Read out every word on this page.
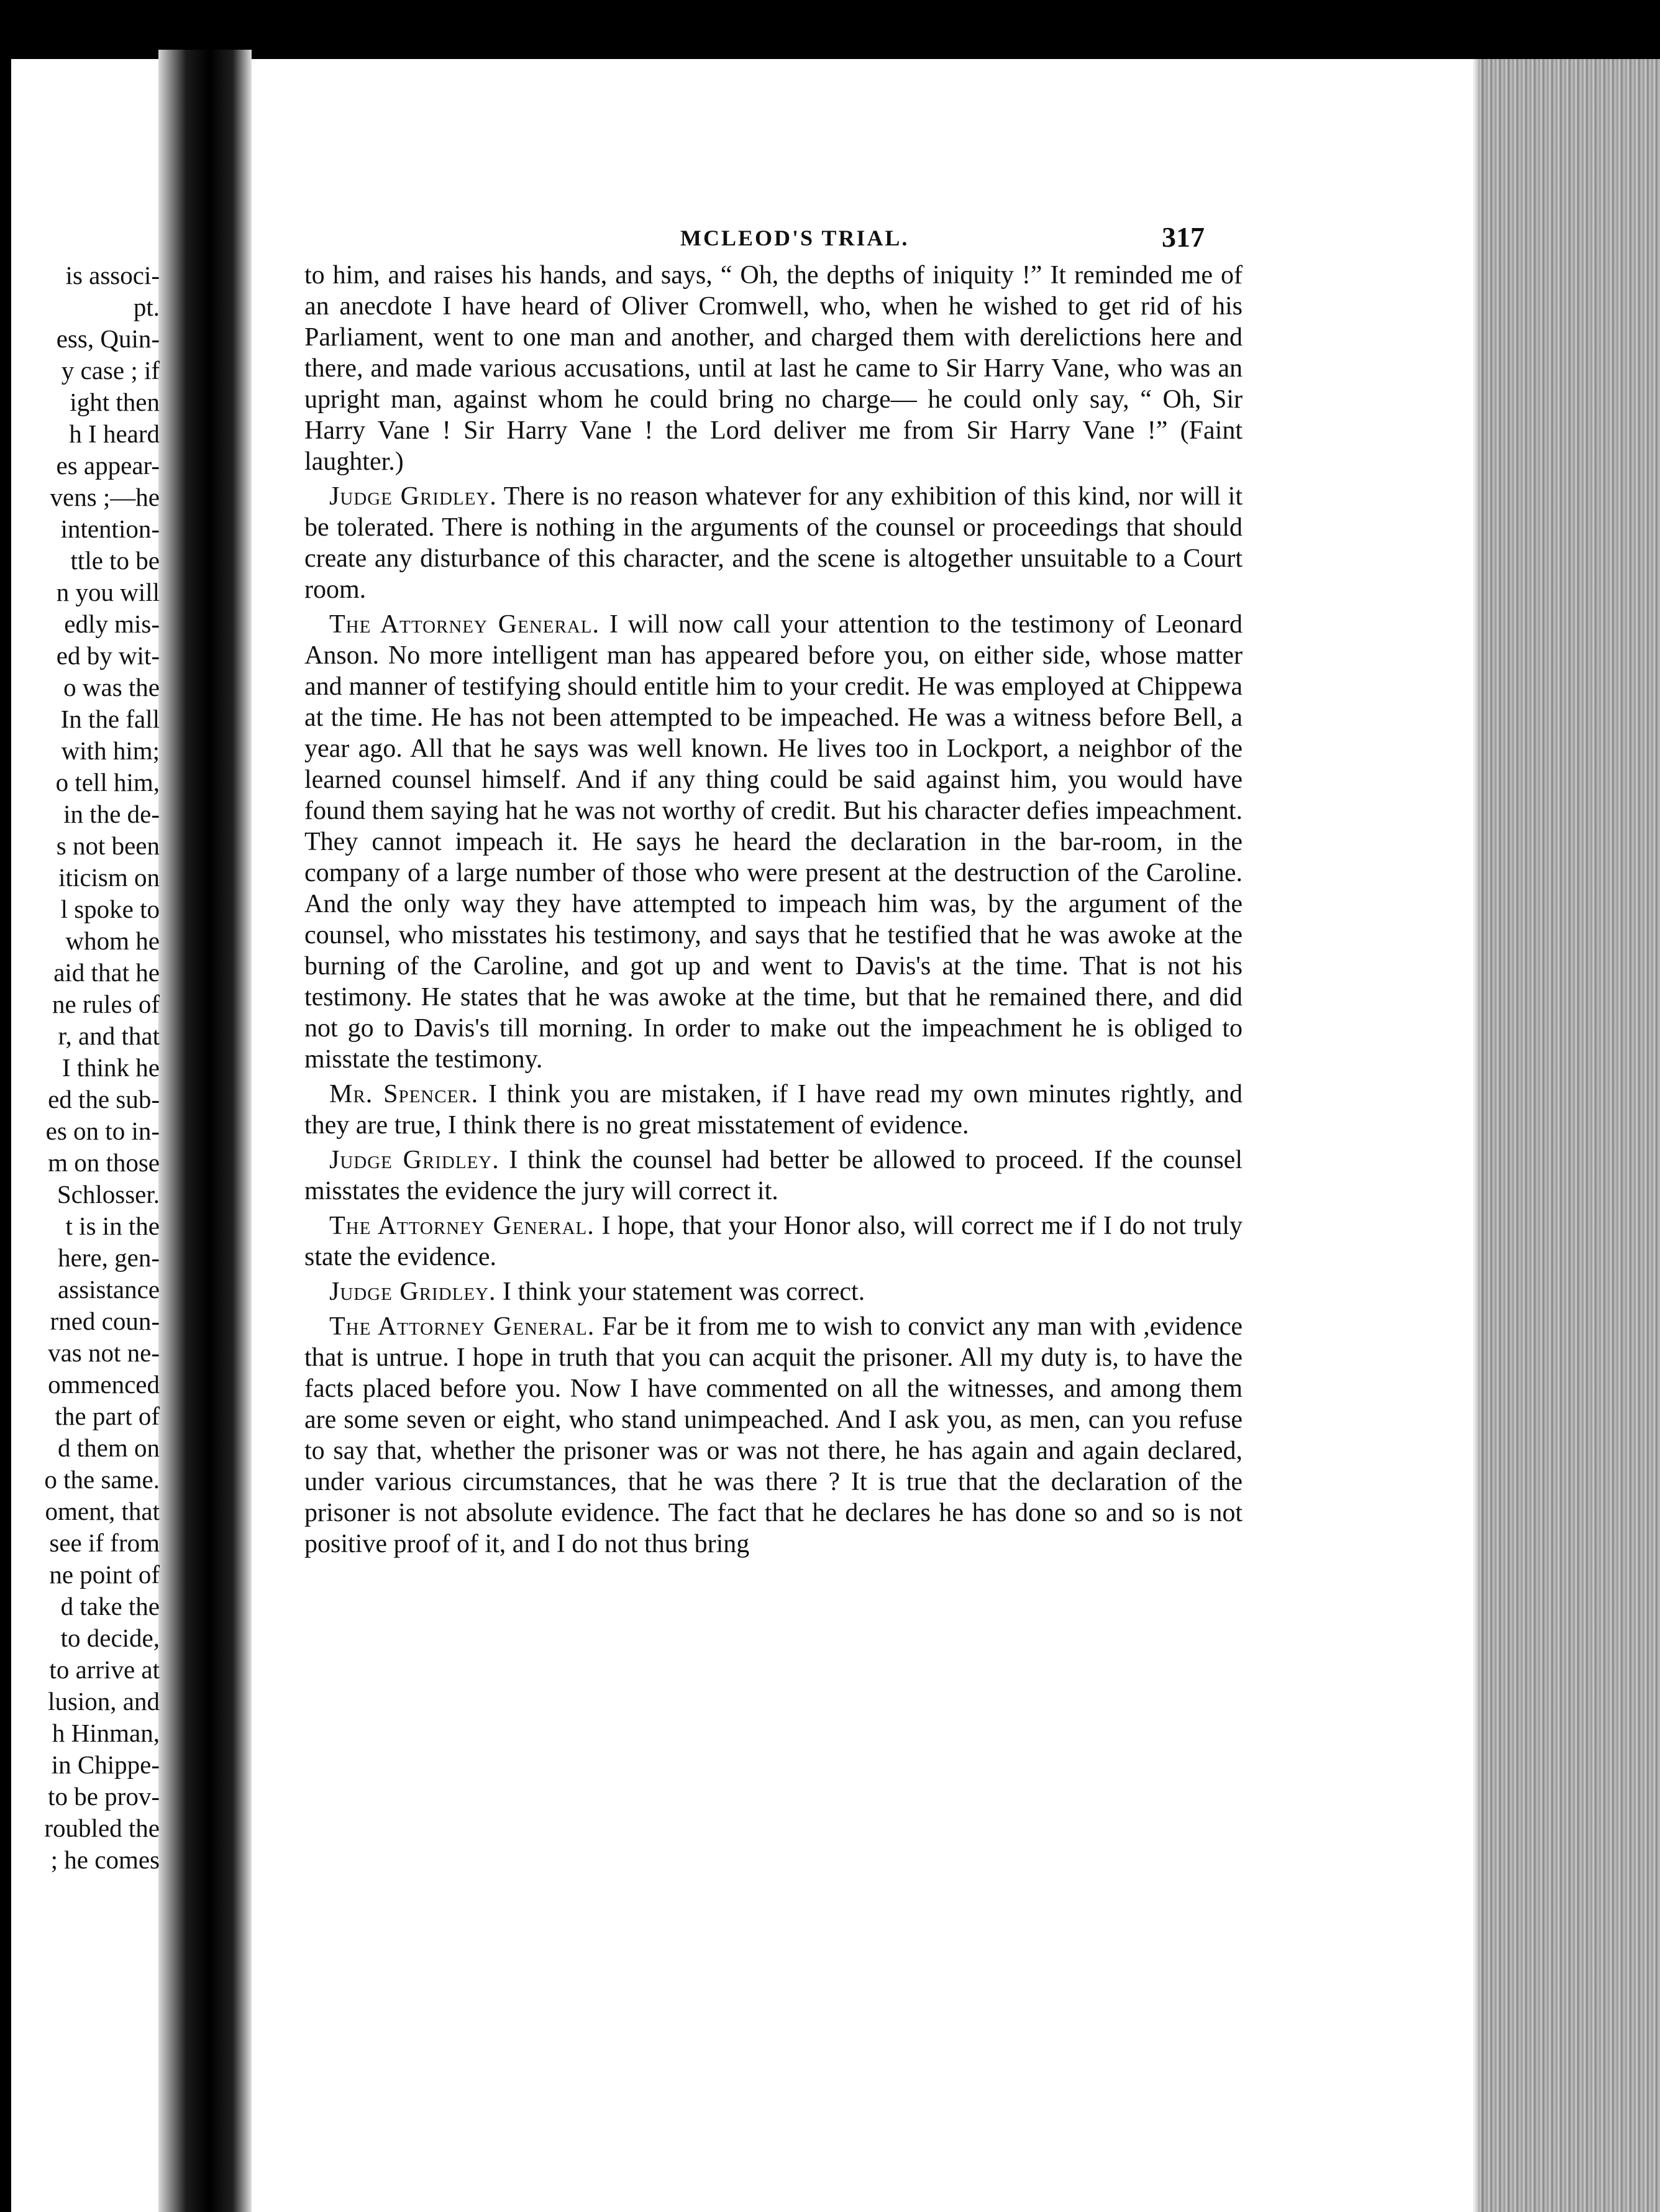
is associ-
pt.
ess, Quin-
y case ; if
ight then
h I heard
es appear-
vens ;—he
intention-
ttle to be
n you will
edly mis-
ed by wit-
o was the
In the fall
with him;
o tell him,
in the de-
s not been
iticism on
l spoke to
whom he
aid that he
ne rules of
r, and that
I think he
ed the sub-
es on to in-
m on those
Schlosser.
t is in the
here, gen-
assistance
rned coun-
vas not ne-
ommenced
the part of
d them on
o the same.
oment, that
see if from
ne point of
d take the
to decide,
to arrive at
lusion, and
h Hinman,
in Chippe-
to be prov-
roubled the
; he comes
MCLEOD'S TRIAL.	317

to him, and raises his hands, and says, “ Oh, the depths of iniquity !” It reminded me of an anecdote I have heard of Oliver Cromwell, who, when he wished to get rid of his Parliament, went to one man and another, and charged them with derelictions here and there, and made various accusations, until at last he came to Sir Harry Vane, who was an upright man, against whom he could bring no charge— he could only say, “ Oh, Sir Harry Vane ! Sir Harry Vane ! the Lord deliver me from Sir Harry Vane !” (Faint laughter.)

Judge Gridley. There is no reason whatever for any exhibition of this kind, nor will it be tolerated. There is nothing in the arguments of the counsel or proceedings that should create any disturbance of this character, and the scene is altogether unsuitable to a Court room.

The Attorney General. I will now call your attention to the testimony of Leonard Anson. No more intelligent man has appeared before you, on either side, whose matter and manner of testifying should entitle him to your credit. He was employed at Chippewa at the time. He has not been attempted to be impeached. He was a witness before Bell, a year ago. All that he says was well known. He lives too in Lockport, a neighbor of the learned counsel himself. And if any thing could be said against him, you would have found them saying hat he was not worthy of credit. But his character defies impeachment. They cannot impeach it. He says he heard the declaration in the bar-room, in the company of a large number of those who were present at the destruction of the Caroline. And the only way they have attempted to impeach him was, by the argument of the counsel, who misstates his testimony, and says that he testified that he was awoke at the burning of the Caroline, and got up and went to Davis's at the time. That is not his testimony. He states that he was awoke at the time, but that he remained there, and did not go to Davis's till morning. In order to make out the impeachment he is obliged to misstate the testimony.

Mr. Spencer. I think you are mistaken, if I have read my own minutes rightly, and they are true, I think there is no great misstatement of evidence.

Judge Gridley. I think the counsel had better be allowed to proceed. If the counsel misstates the evidence the jury will correct it.

The Attorney General. I hope, that your Honor also, will correct me if I do not truly state the evidence.

Judge Gridley. I think your statement was correct.

The Attorney General. Far be it from me to wish to convict any man with ,evidence that is untrue. I hope in truth that you can acquit the prisoner. All my duty is, to have the facts placed before you. Now I have commented on all the witnesses, and among them are some seven or eight, who stand unimpeached. And I ask you, as men, can you refuse to say that, whether the prisoner was or was not there, he has again and again declared, under various circumstances, that he was there ? It is true that the declaration of the prisoner is not absolute evidence. The fact that he declares he has done so and so is not positive proof of it, and I do not thus bring
